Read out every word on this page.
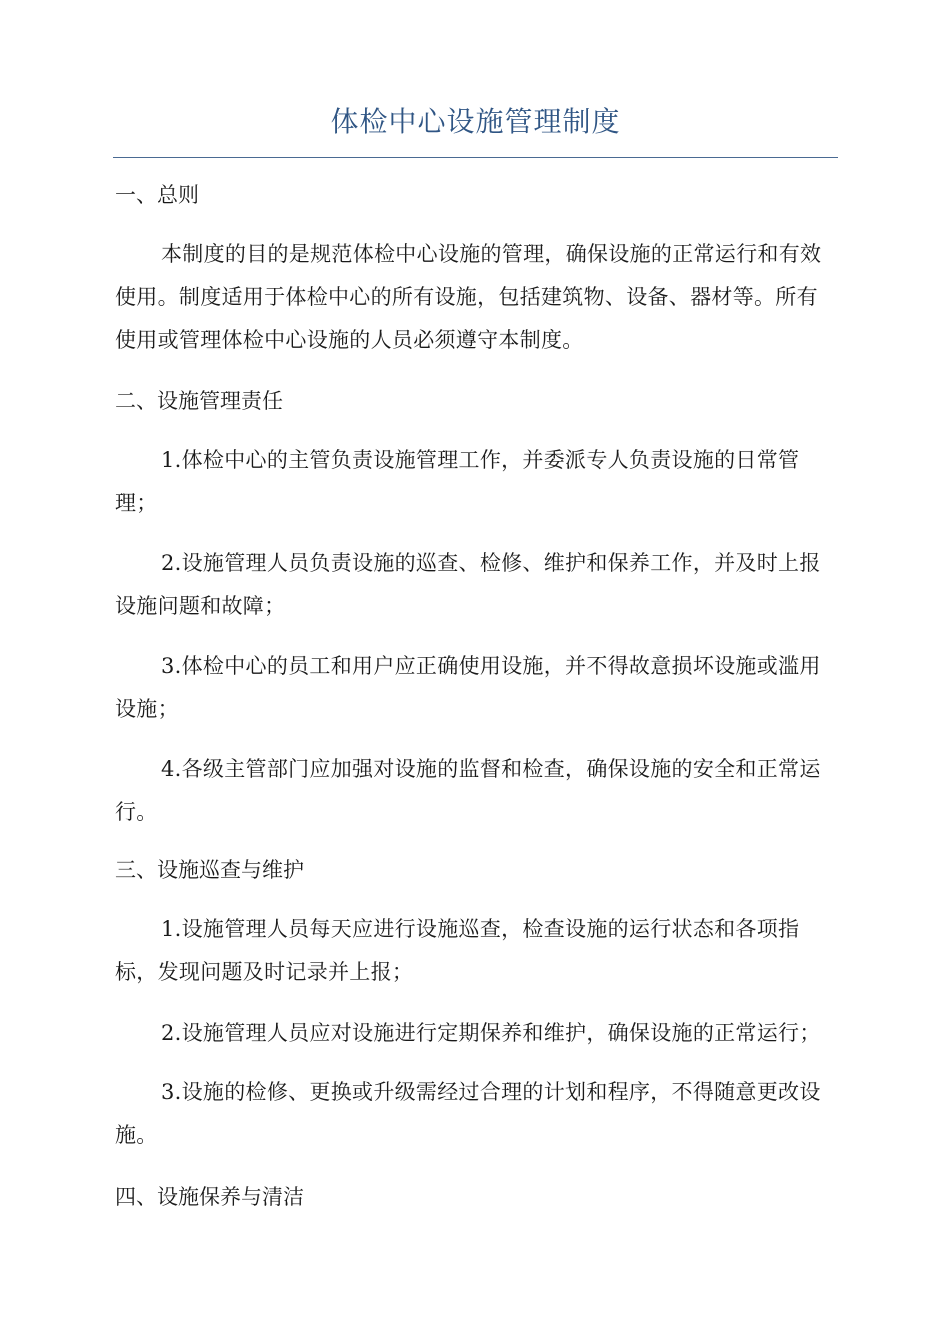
体检中心设施管理制度
一、总则

本制度的目的是规范体检中心设施的管理，确保设施的正常运行和有效使用。制度适用于体检中心的所有设施，包括建筑物、设备、器材等。所有使用或管理体检中心设施的人员必须遵守本制度。

二、设施管理责任

1.体检中心的主管负责设施管理工作，并委派专人负责设施的日常管理；

2.设施管理人员负责设施的巡查、检修、维护和保养工作，并及时上报设施问题和故障；

3.体检中心的员工和用户应正确使用设施，并不得故意损坏设施或滥用设施；

4.各级主管部门应加强对设施的监督和检查，确保设施的安全和正常运行。

三、设施巡查与维护

1.设施管理人员每天应进行设施巡查，检查设施的运行状态和各项指标，发现问题及时记录并上报；

2.设施管理人员应对设施进行定期保养和维护，确保设施的正常运行；

3.设施的检修、更换或升级需经过合理的计划和程序，不得随意更改设施。

四、设施保养与清洁
